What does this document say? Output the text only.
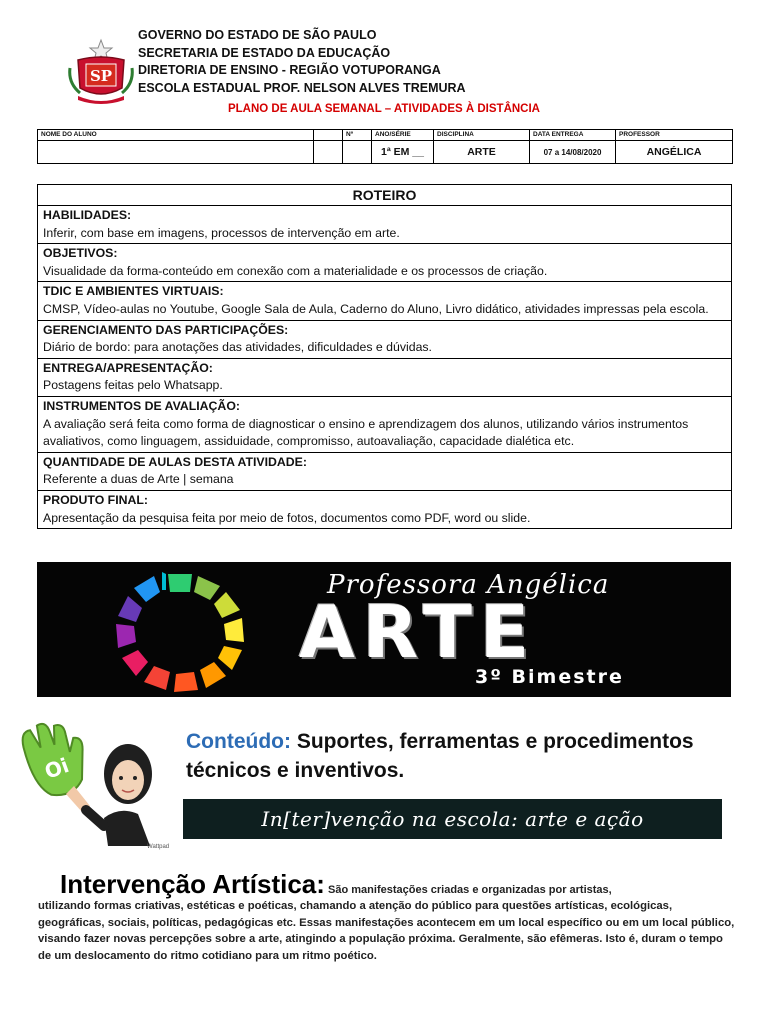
SP
GOVERNO DO ESTADO DE SÃO PAULO
SECRETARIA DE ESTADO DA EDUCAÇÃO
DIRETORIA DE ENSINO - REGIÃO VOTUPORANGA
ESCOLA ESTADUAL PROF. NELSON ALVES TREMURA
PLANO DE AULA SEMANAL – ATIVIDADES À DISTÂNCIA
NOME DO ALUNO		Nº	ANO/SÉRIE	DISCIPLINA	DATA ENTREGA	PROFESSOR
			1ª EM __	ARTE	07 a 14/08/2020	ANGÉLICA
ROTEIRO
HABILIDADES:
Inferir, com base em imagens, processos de intervenção em arte.
OBJETIVOS:
Visualidade da forma-conteúdo em conexão com a materialidade e os processos de criação.
TDIC E AMBIENTES VIRTUAIS:
CMSP, Vídeo-aulas no Youtube, Google Sala de Aula, Caderno do Aluno, Livro didático, atividades impressas pela escola.
GERENCIAMENTO DAS PARTICIPAÇÕES:
Diário de bordo: para anotações das atividades, dificuldades e dúvidas.
ENTREGA/APRESENTAÇÃO:
Postagens feitas pelo Whatsapp.
INSTRUMENTOS DE AVALIAÇÃO:
A avaliação será feita como forma de diagnosticar o ensino e aprendizagem dos alunos, utilizando vários instrumentos avaliativos, como linguagem, assiduidade, compromisso, autoavaliação, capacidade dialética etc.
QUANTIDADE DE AULAS DESTA ATIVIDADE:
Referente a duas de Arte | semana
PRODUTO FINAL:
Apresentação da pesquisa feita por meio de fotos, documentos como PDF, word ou slide.
Professora Angélica
ARTE
3º Bimestre
Oi
Wattpad
Conteúdo: Suportes, ferramentas e procedimentos técnicos e inventivos.
In[ter]venção na escola: arte e ação
Intervenção Artística: São manifestações criadas e organizadas por artistas,
utilizando formas criativas, estéticas e poéticas, chamando a atenção do público para questões artísticas, ecológicas, geográficas, sociais, políticas, pedagógicas etc. Essas manifestações acontecem em um local específico ou em um local público, visando fazer novas percepções sobre a arte, atingindo a população próxima. Geralmente, são efêmeras. Isto é, duram o tempo de um deslocamento do ritmo cotidiano para um ritmo poético.
